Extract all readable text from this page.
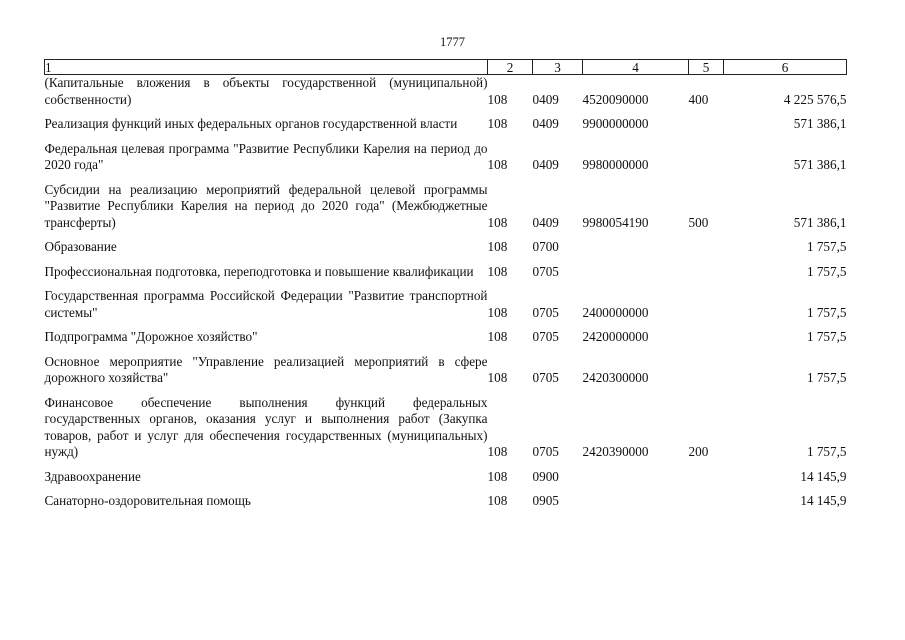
1777
1	2	3	4	5	6
(Капитальные вложения в объекты государственной (муниципальной) собственности)	108	0409	4520090000	400	4 225 576,5
Реализация функций иных федеральных органов государственной власти	108	0409	9900000000		571 386,1
Федеральная целевая программа "Развитие Республики Карелия на период до 2020 года"	108	0409	9980000000		571 386,1
Субсидии на реализацию мероприятий федеральной целевой программы "Развитие Республики Карелия на период до 2020 года" (Межбюджетные трансферты)	108	0409	9980054190	500	571 386,1
Образование	108	0700			1 757,5
Профессиональная подготовка, переподготовка и повышение квалификации	108	0705			1 757,5
Государственная программа Российской Федерации "Развитие транспортной системы"	108	0705	2400000000		1 757,5
Подпрограмма "Дорожное хозяйство"	108	0705	2420000000		1 757,5
Основное мероприятие "Управление реализацией мероприятий в сфере дорожного хозяйства"	108	0705	2420300000		1 757,5
Финансовое обеспечение выполнения функций федеральных государственных органов, оказания услуг и выполнения работ (Закупка товаров, работ и услуг для обеспечения государственных (муниципальных) нужд)	108	0705	2420390000	200	1 757,5
Здравоохранение	108	0900			14 145,9
Санаторно-оздоровительная помощь	108	0905			14 145,9
